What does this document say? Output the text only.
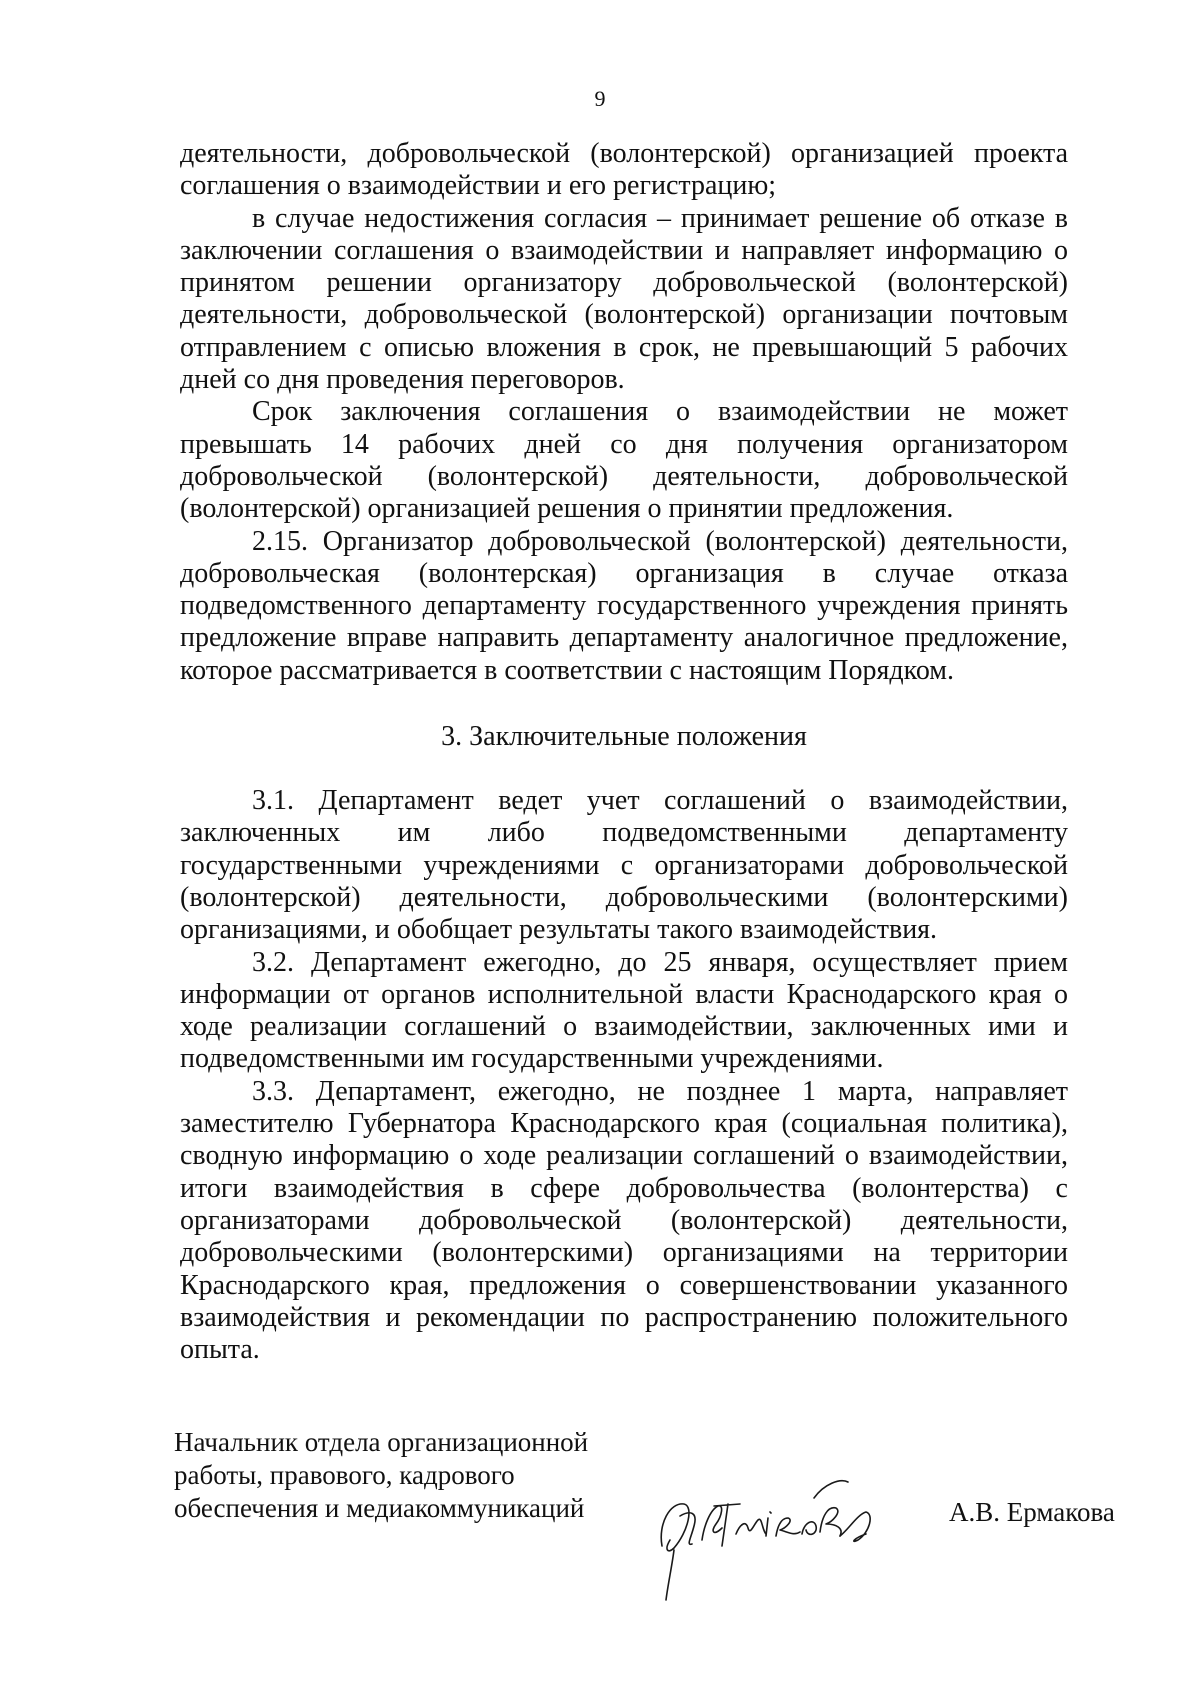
9

деятельности, добровольческой (волонтерской) организацией проекта соглашения о взаимодействии и его регистрацию;

в случае недостижения согласия – принимает решение об отказе в заключении соглашения о взаимодействии и направляет информацию о принятом решении организатору добровольческой (волонтерской) деятельности, добровольческой (волонтерской) организации почтовым отправлением с описью вложения в срок, не превышающий 5 рабочих дней со дня проведения переговоров.

Срок заключения соглашения о взаимодействии не может превышать 14 рабочих дней со дня получения организатором добровольческой (волонтерской) деятельности, добровольческой (волонтерской) организацией решения о принятии предложения.

2.15. Организатор добровольческой (волонтерской) деятельности, добровольческая (волонтерская) организация в случае отказа подведомственного департаменту государственного учреждения принять предложение вправе направить департаменту аналогичное предложение, которое рассматривается в соответствии с настоящим Порядком.

3. Заключительные положения

3.1. Департамент ведет учет соглашений о взаимодействии, заключенных им либо подведомственными департаменту государственными учреждениями с организаторами добровольческой (волонтерской) деятельности, добровольческими (волонтерскими) организациями, и обобщает результаты такого взаимодействия.

3.2. Департамент ежегодно, до 25 января, осуществляет прием информации от органов исполнительной власти Краснодарского края о ходе реализации соглашений о взаимодействии, заключенных ими и подведомственными им государственными учреждениями.

3.3. Департамент, ежегодно, не позднее 1 марта, направляет заместителю Губернатора Краснодарского края (социальная политика), сводную информацию о ходе реализации соглашений о взаимодействии, итоги взаимодействия в сфере добровольчества (волонтерства) с организаторами добровольческой (волонтерской) деятельности, добровольческими (волонтерскими) организациями на территории Краснодарского края, предложения о совершенствовании указанного взаимодействия и рекомендации по распространению положительного опыта.

Начальник отдела организационной
работы, правового, кадрового
обеспечения и медиакоммуникаций	А.В. Ермакова
